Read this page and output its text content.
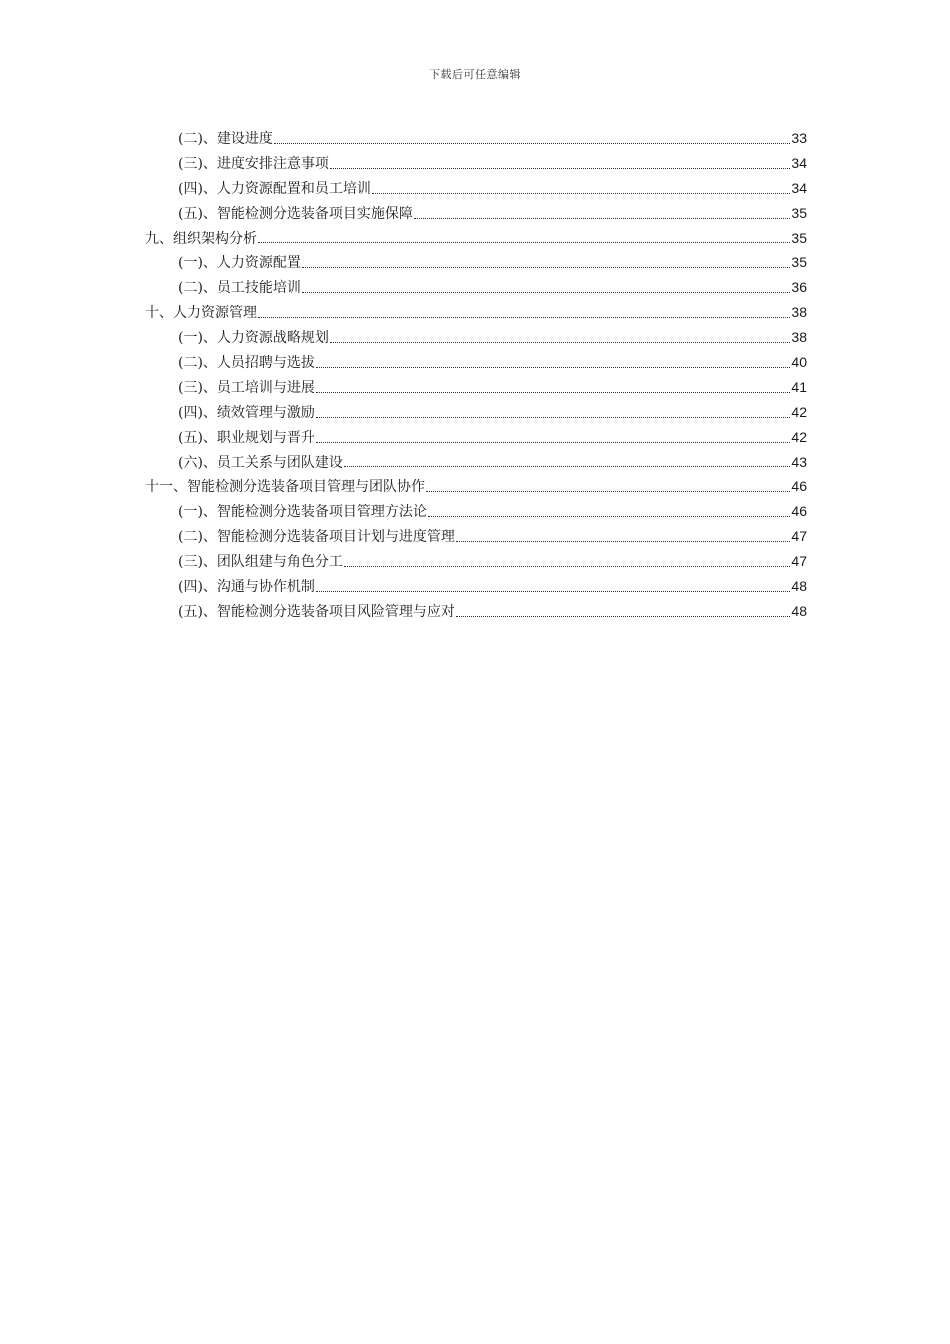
下载后可任意编辑
(二)、建设进度	33
(三)、进度安排注意事项	34
(四)、人力资源配置和员工培训	34
(五)、智能检测分选装备项目实施保障	35
九、组织架构分析	35
(一)、人力资源配置	35
(二)、员工技能培训	36
十、人力资源管理	38
(一)、人力资源战略规划	38
(二)、人员招聘与选拔	40
(三)、员工培训与进展	41
(四)、绩效管理与激励	42
(五)、职业规划与晋升	42
(六)、员工关系与团队建设	43
十一、智能检测分选装备项目管理与团队协作	46
(一)、智能检测分选装备项目管理方法论	46
(二)、智能检测分选装备项目计划与进度管理	47
(三)、团队组建与角色分工	47
(四)、沟通与协作机制	48
(五)、智能检测分选装备项目风险管理与应对	48
